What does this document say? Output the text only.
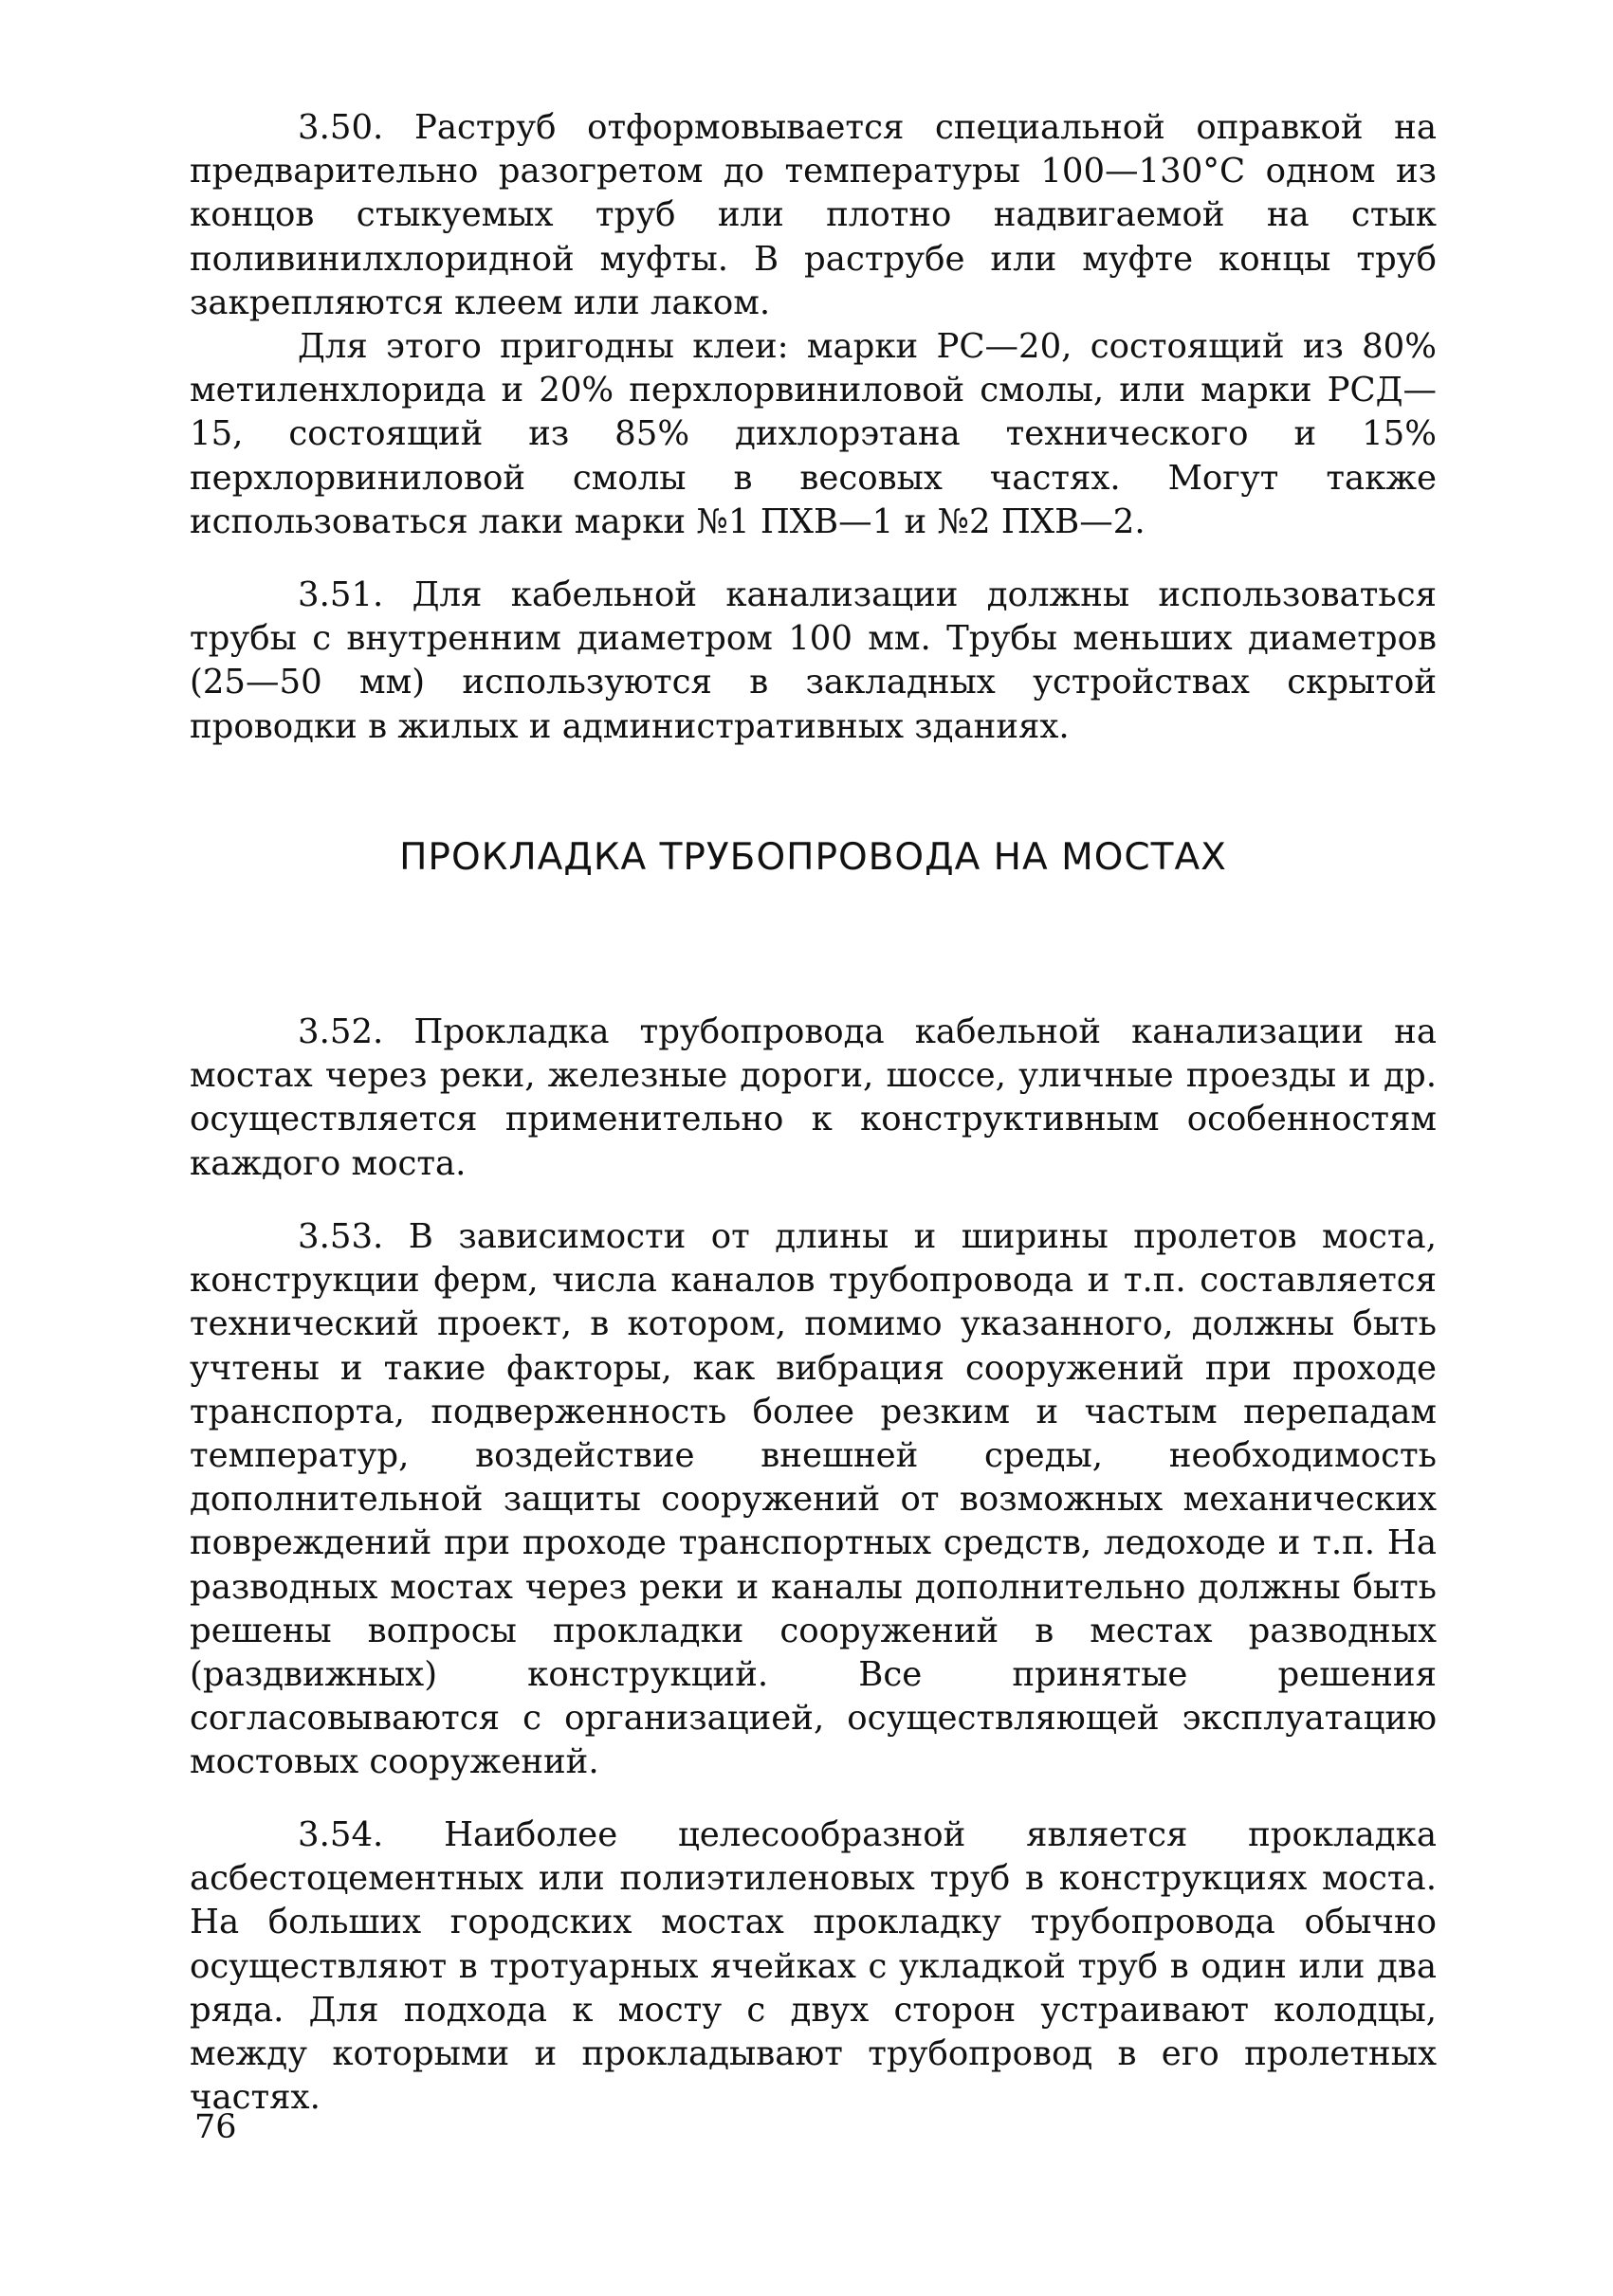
3.50. Раструб отформовывается специальной оправкой на предварительно разогретом до температуры 100—130°C одном из концов стыкуемых труб или плотно надвигаемой на стык поливинилхлоридной муфты. В раструбе или муфте концы труб закрепляются клеем или лаком.

Для этого пригодны клеи: марки РС—20, состоящий из 80% метиленхлорида и 20% перхлорвиниловой смолы, или марки РСД—15, состоящий из 85% дихлорэтана технического и 15% перхлорвиниловой смолы в весовых частях. Могут также использоваться лаки марки №1 ПХВ—1 и №2 ПХВ—2.

3.51. Для кабельной канализации должны использоваться трубы с внутренним диаметром 100 мм. Трубы меньших диаметров (25—50 мм) используются в закладных устройствах скрытой проводки в жилых и административных зданиях.

ПРОКЛАДКА ТРУБОПРОВОДА НА МОСТАХ

3.52. Прокладка трубопровода кабельной канализации на мостах через реки, железные дороги, шоссе, уличные проезды и др. осуществляется применительно к конструктивным особенностям каждого моста.

3.53. В зависимости от длины и ширины пролетов моста, конструкции ферм, числа каналов трубопровода и т.п. составляется технический проект, в котором, помимо указанного, должны быть учтены и такие факторы, как вибрация сооружений при проходе транспорта, подверженность более резким и частым перепадам температур, воздействие внешней среды, необходимость дополнительной защиты сооружений от возможных механических повреждений при проходе транспортных средств, ледоходе и т.п. На разводных мостах через реки и каналы дополнительно должны быть решены вопросы прокладки сооружений в местах разводных (раздвижных) конструкций. Все принятые решения согласовываются с организацией, осуществляющей эксплуатацию мостовых сооружений.

3.54. Наиболее целесообразной является прокладка асбестоцементных или полиэтиленовых труб в конструкциях моста. На больших городских мостах прокладку трубопровода обычно осуществляют в тротуарных ячейках с укладкой труб в один или два ряда. Для подхода к мосту с двух сторон устраивают колодцы, между которыми и прокладывают трубопровод в его пролетных частях.

76
